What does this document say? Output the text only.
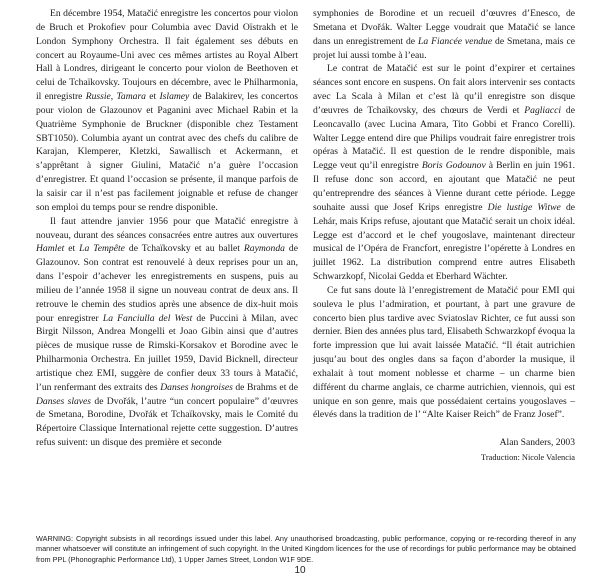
En décembre 1954, Matačić enregistre les concertos pour violon de Bruch et Prokofiev pour Columbia avec David Oïstrakh et le London Symphony Orchestra. Il fait également ses débuts en concert au Royaume-Uni avec ces mêmes artistes au Royal Albert Hall à Londres, dirigeant le concerto pour violon de Beethoven et celui de Tchaïkovsky. Toujours en décembre, avec le Philharmonia, il enregistre Russie, Tamara et Islamey de Balakirev, les concertos pour violon de Glazounov et Paganini avec Michael Rabin et la Quatrième Symphonie de Bruckner (disponible chez Testament SBT1050). Columbia ayant un contrat avec des chefs du calibre de Karajan, Klemperer, Kletzki, Sawallisch et Ackermann, et s’apprêtant à signer Giulini, Matačić n’a guère l’occasion d’enregistrer. Et quand l’occasion se présente, il manque parfois de la saisir car il n’est pas facilement joignable et refuse de changer son emploi du temps pour se rendre disponible.

Il faut attendre janvier 1956 pour que Matačić enregistre à nouveau, durant des séances consacrées entre autres aux ouvertures Hamlet et La Tempête de Tchaïkovsky et au ballet Raymonda de Glazounov. Son contrat est renouvelé à deux reprises pour un an, dans l’espoir d’achever les enregistrements en suspens, puis au milieu de l’année 1958 il signe un nouveau contrat de deux ans. Il retrouve le chemin des studios après une absence de dix-huit mois pour enregistrer La Fanciulla del West de Puccini à Milan, avec Birgit Nilsson, Andrea Mongelli et Joao Gibin ainsi que d’autres pièces de musique russe de Rimski-Korsakov et Borodine avec le Philharmonia Orchestra. En juillet 1959, David Bicknell, directeur artistique chez EMI, suggère de confier deux 33 tours à Matačić, l’un renfermant des extraits des Danses hongroises de Brahms et de Danses slaves de Dvořák, l’autre “un concert populaire” d’œuvres de Smetana, Borodine, Dvořák et Tchaïkovsky, mais le Comité du Répertoire Classique International rejette cette suggestion. D’autres refus suivent: un disque des première et seconde

symphonies de Borodine et un recueil d’œuvres d’Enesco, de Smetana et Dvořák. Walter Legge voudrait que Matačić se lance dans un enregistrement de La Fiancée vendue de Smetana, mais ce projet lui aussi tombe à l’eau.

Le contrat de Matačić est sur le point d’expirer et certaines séances sont encore en suspens. On fait alors intervenir ses contacts avec La Scala à Milan et c’est là qu’il enregistre son disque d’œuvres de Tchaïkovsky, des chœurs de Verdi et Pagliacci de Leoncavallo (avec Lucina Amara, Tito Gobbi et Franco Corelli). Walter Legge entend dire que Philips voudrait faire enregistrer trois opéras à Matačić. Il est question de le rendre disponible, mais Legge veut qu’il enregistre Boris Godounov à Berlin en juin 1961. Il refuse donc son accord, en ajoutant que Matačić ne peut qu’entreprendre des séances à Vienne durant cette période. Legge souhaite aussi que Josef Krips enregistre Die lustige Witwe de Lehár, mais Krips refuse, ajoutant que Matačić serait un choix idéal. Legge est d’accord et le chef yougoslave, maintenant directeur musical de l’Opéra de Francfort, enregistre l’opérette à Londres en juillet 1962. La distribution comprend entre autres Elisabeth Schwarzkopf, Nicolai Gedda et Eberhard Wächter.

Ce fut sans doute là l’enregistrement de Matačić pour EMI qui souleva le plus l’admiration, et pourtant, à part une gravure de concerto bien plus tardive avec Sviatoslav Richter, ce fut aussi son dernier. Bien des années plus tard, Elisabeth Schwarzkopf évoqua la forte impression que lui avait laissée Matačić. “Il était autrichien jusqu’au bout des ongles dans sa façon d’aborder la musique, il exhalait à tout moment noblesse et charme – un charme bien différent du charme anglais, ce charme autrichien, viennois, qui est unique en son genre, mais que possédaient certains yougoslaves – élevés dans la tradition de l’ “Alte Kaiser Reich” de Franz Josef”.

Alan Sanders, 2003
Traduction: Nicole Valencia
WARNING: Copyright subsists in all recordings issued under this label. Any unauthorised broadcasting, public performance, copying or re-recording thereof in any manner whatsoever will constitute an infringement of such copyright. In the United Kingdom licences for the use of recordings for public performance may be obtained from PPL (Phonographic Performance Ltd), 1 Upper James Street, London W1F 9DE.
10
